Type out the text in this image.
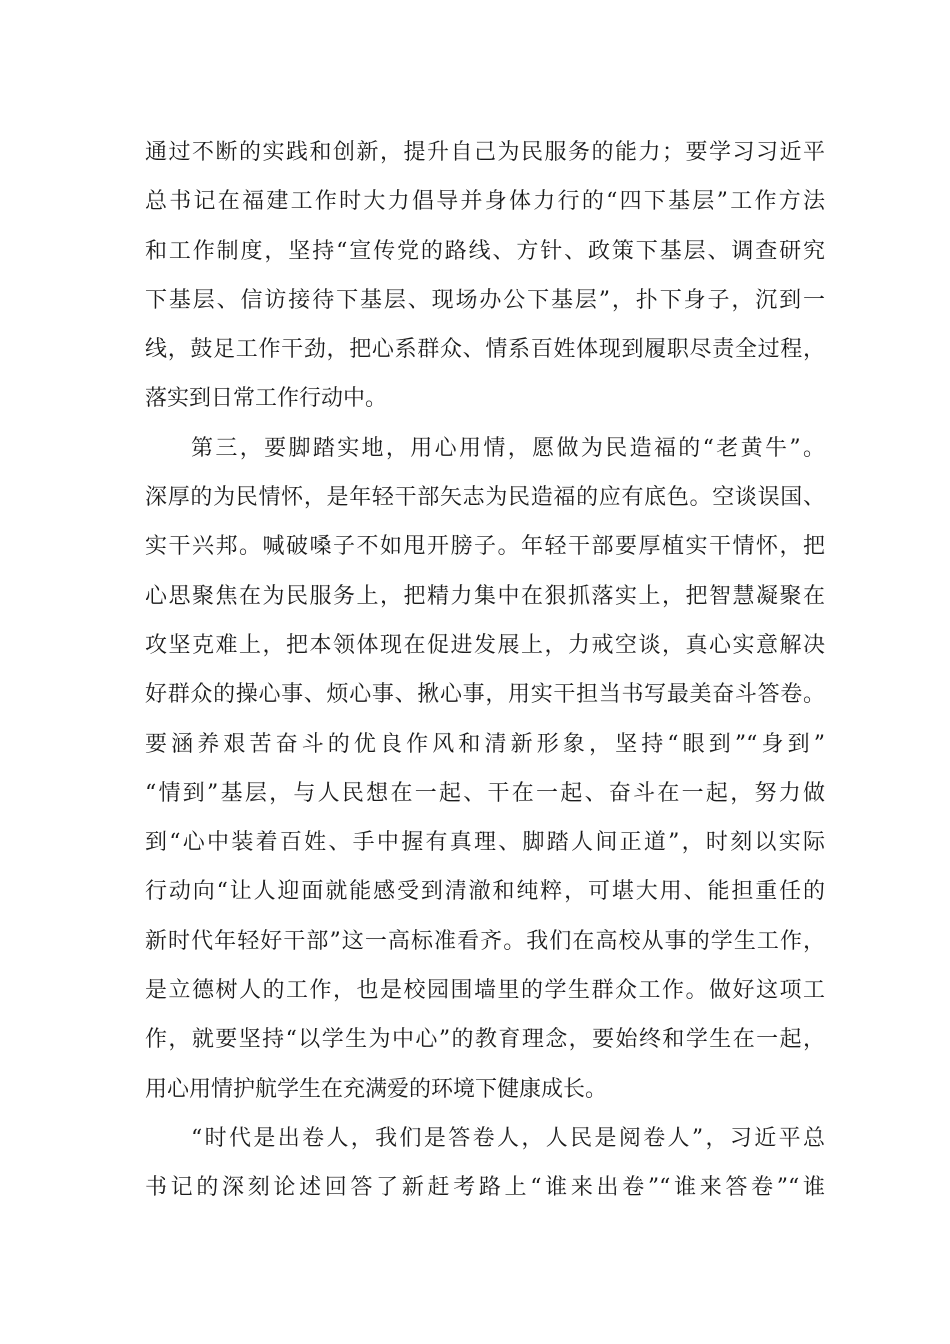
通过不断的实践和创新，提升自己为民服务的能力；要学习习近平
总书记在福建工作时大力倡导并身体力行的“四下基层”工作方法
和工作制度，坚持“宣传党的路线、方针、政策下基层、调查研究
下基层、信访接待下基层、现场办公下基层”，扑下身子，沉到一
线，鼓足工作干劲，把心系群众、情系百姓体现到履职尽责全过程，
落实到日常工作行动中。
第三，要脚踏实地，用心用情，愿做为民造福的“老黄牛”。
深厚的为民情怀，是年轻干部矢志为民造福的应有底色。空谈误国、
实干兴邦。喊破嗓子不如甩开膀子。年轻干部要厚植实干情怀，把
心思聚焦在为民服务上，把精力集中在狠抓落实上，把智慧凝聚在
攻坚克难上，把本领体现在促进发展上，力戒空谈，真心实意解决
好群众的操心事、烦心事、揪心事，用实干担当书写最美奋斗答卷。
要涵养艰苦奋斗的优良作风和清新形象，坚持“眼到”“身到”
“情到”基层，与人民想在一起、干在一起、奋斗在一起，努力做
到“心中装着百姓、手中握有真理、脚踏人间正道”，时刻以实际
行动向“让人迎面就能感受到清澈和纯粹，可堪大用、能担重任的
新时代年轻好干部”这一高标准看齐。我们在高校从事的学生工作，
是立德树人的工作，也是校园围墙里的学生群众工作。做好这项工
作，就要坚持“以学生为中心”的教育理念，要始终和学生在一起，
用心用情护航学生在充满爱的环境下健康成长。
“时代是出卷人，我们是答卷人，人民是阅卷人”，习近平总
书记的深刻论述回答了新赶考路上“谁来出卷”“谁来答卷”“谁
